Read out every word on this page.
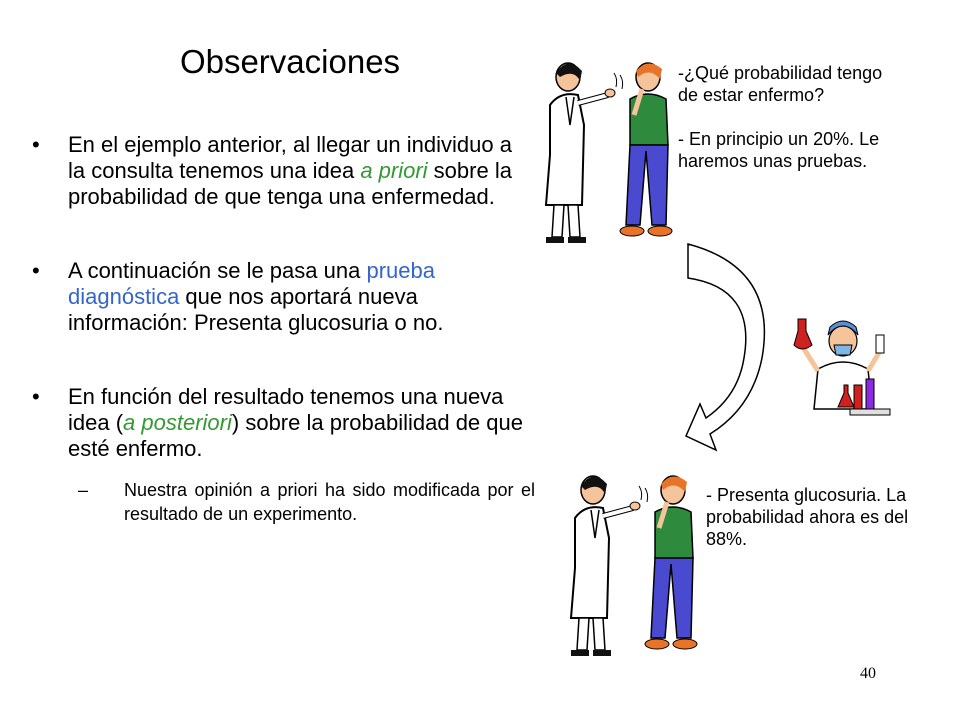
Observaciones
• En el ejemplo anterior, al llegar un individuo a la consulta tenemos una idea a priori sobre la probabilidad de que tenga una enfermedad.
• A continuación se le pasa una prueba diagnóstica que nos aportará nueva información: Presenta glucosuria o no.
• En función del resultado tenemos una nueva idea (a posteriori) sobre la probabilidad de que esté enfermo.
– Nuestra opinión a priori ha sido modificada por el resultado de un experimento.

-¿Qué probabilidad tengo de estar enfermo?

- En principio un 20%. Le haremos unas pruebas.

- Presenta glucosuria. La probabilidad ahora es del 88%.

40
